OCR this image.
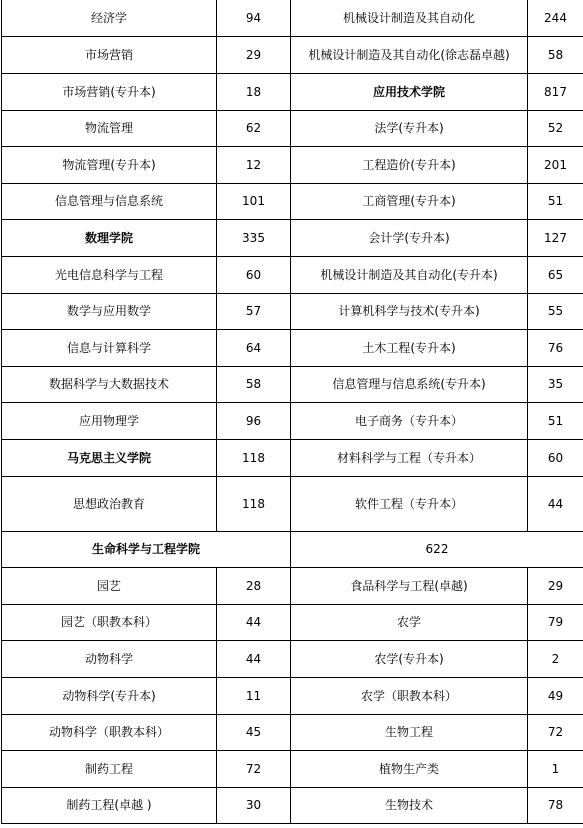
经济学	94	机械设计制造及其自动化	244
市场营销	29	机械设计制造及其自动化(徐志磊卓越)	58
市场营销(专升本)	18	应用技术学院	817
物流管理	62	法学(专升本)	52
物流管理(专升本)	12	工程造价(专升本)	201
信息管理与信息系统	101	工商管理(专升本)	51
数理学院	335	会计学(专升本)	127
光电信息科学与工程	60	机械设计制造及其自动化(专升本)	65
数学与应用数学	57	计算机科学与技术(专升本)	55
信息与计算科学	64	土木工程(专升本)	76
数据科学与大数据技术	58	信息管理与信息系统(专升本)	35
应用物理学	96	电子商务（专升本）	51
马克思主义学院	118	材料科学与工程（专升本）	60
思想政治教育	118	软件工程（专升本）	44
生命科学与工程学院		622	
园艺	28	食品科学与工程(卓越)	29
园艺（职教本科）	44	农学	79
动物科学	44	农学(专升本)	2
动物科学(专升本)	11	农学（职教本科）	49
动物科学（职教本科）	45	生物工程	72
制药工程	72	植物生产类	1
制药工程(卓越 )	30	生物技术	78
